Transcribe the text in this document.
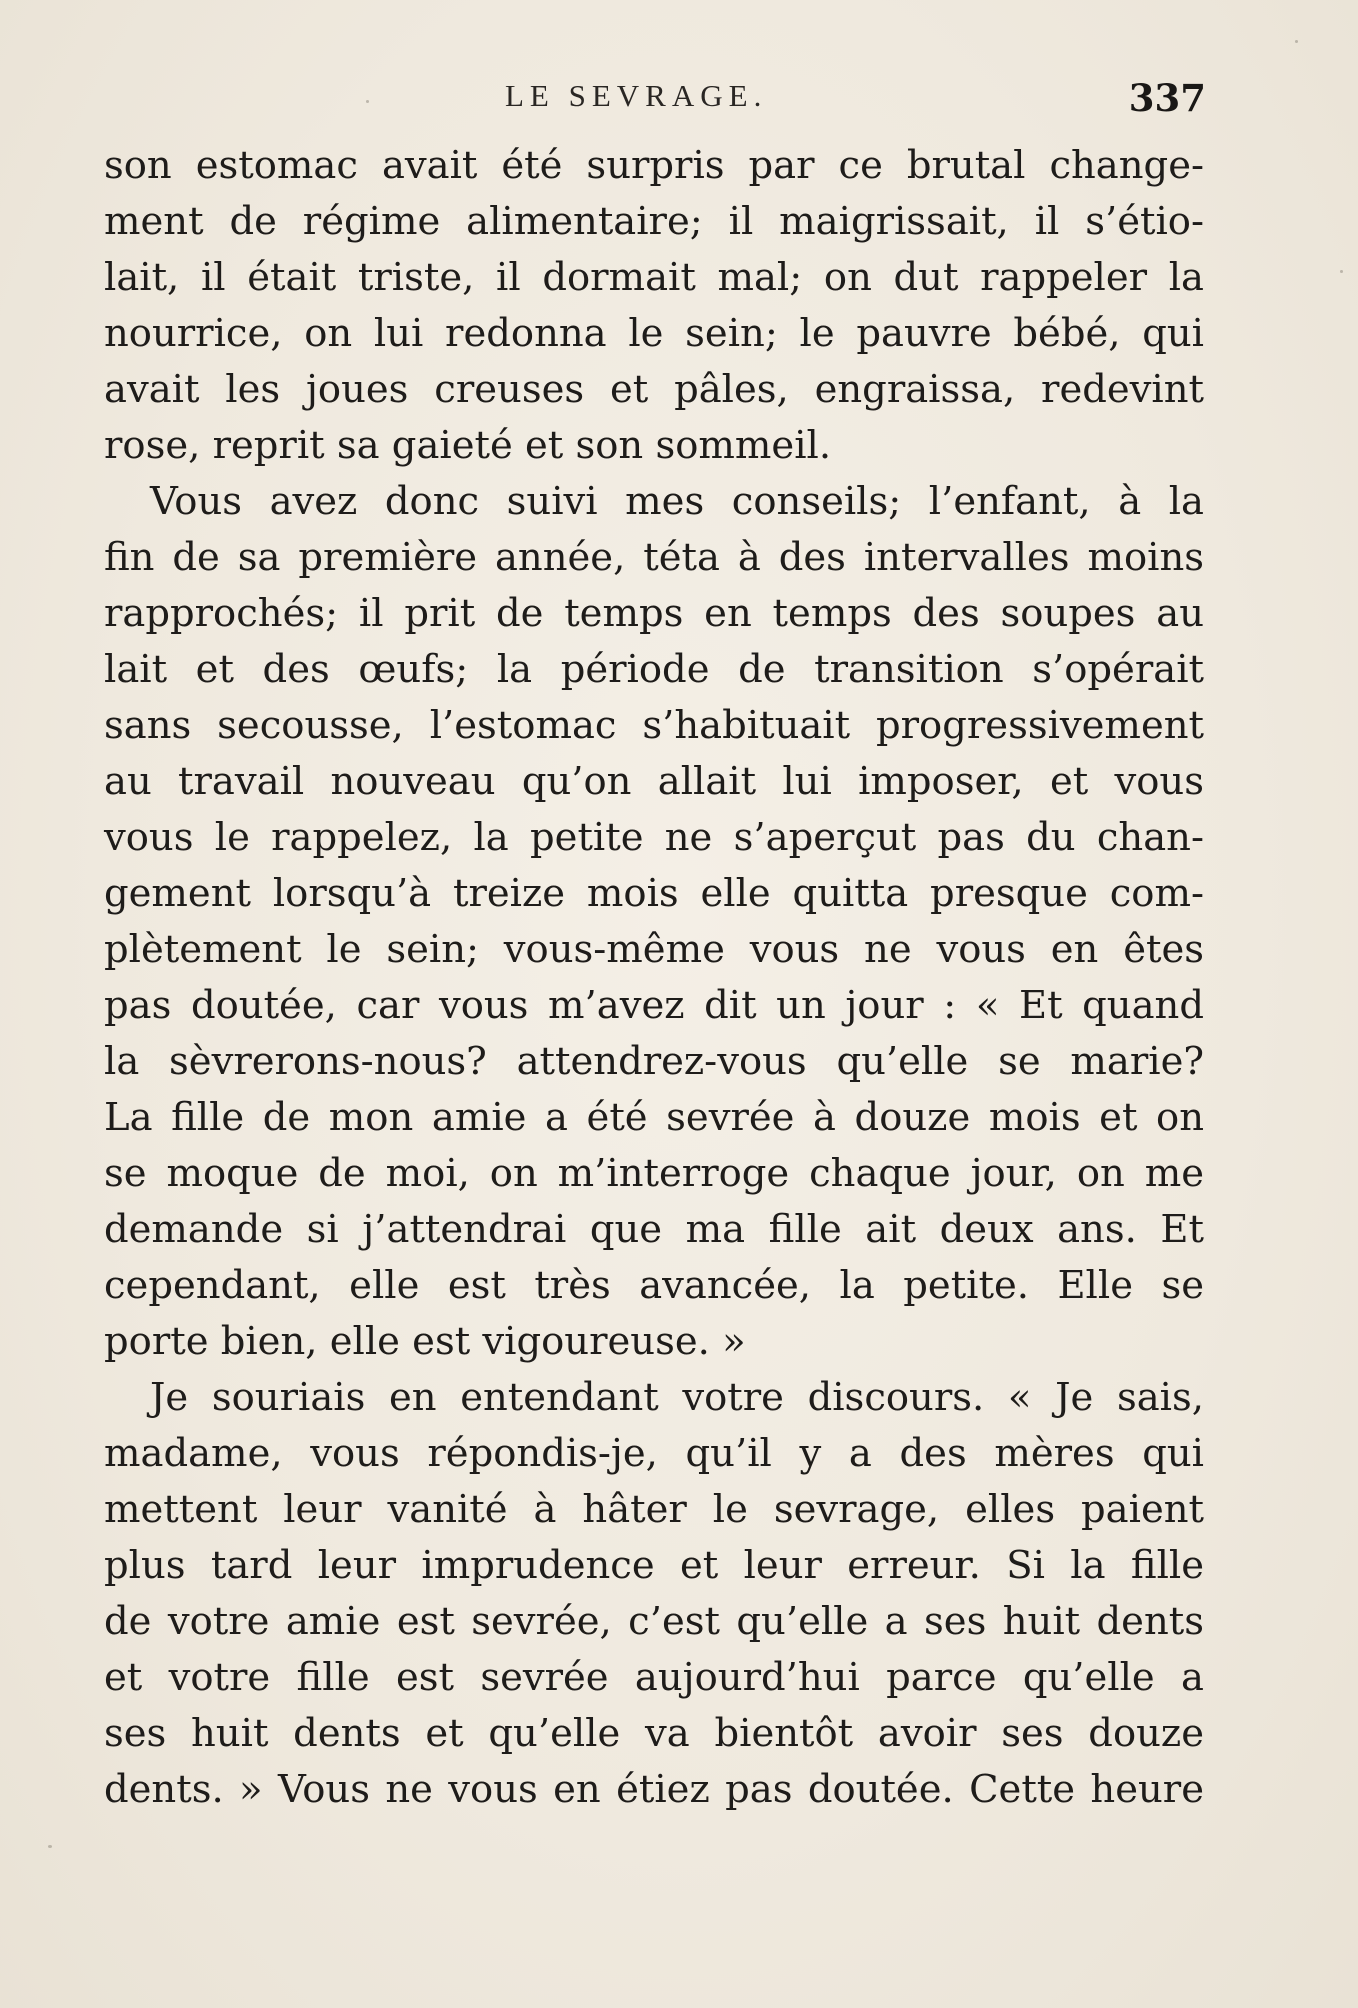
LE SEVRAGE.	337
son estomac avait été surpris par ce brutal change-
ment de régime alimentaire; il maigrissait, il s’étio-
lait, il était triste, il dormait mal; on dut rappeler la
nourrice, on lui redonna le sein; le pauvre bébé, qui
avait les joues creuses et pâles, engraissa, redevint
rose, reprit sa gaieté et son sommeil.
Vous avez donc suivi mes conseils; l’enfant, à la
fin de sa première année, téta à des intervalles moins
rapprochés; il prit de temps en temps des soupes au
lait et des œufs; la période de transition s’opérait
sans secousse, l’estomac s’habituait progressivement
au travail nouveau qu’on allait lui imposer, et vous
vous le rappelez, la petite ne s’aperçut pas du chan-
gement lorsqu’à treize mois elle quitta presque com-
plètement le sein; vous-même vous ne vous en êtes
pas doutée, car vous m’avez dit un jour : « Et quand
la sèvrerons-nous? attendrez-vous qu’elle se marie?
La fille de mon amie a été sevrée à douze mois et on
se moque de moi, on m’interroge chaque jour, on me
demande si j’attendrai que ma fille ait deux ans. Et
cependant, elle est très avancée, la petite. Elle se
porte bien, elle est vigoureuse. »
Je souriais en entendant votre discours. « Je sais,
madame, vous répondis-je, qu’il y a des mères qui
mettent leur vanité à hâter le sevrage, elles paient
plus tard leur imprudence et leur erreur. Si la fille
de votre amie est sevrée, c’est qu’elle a ses huit dents
et votre fille est sevrée aujourd’hui parce qu’elle a
ses huit dents et qu’elle va bientôt avoir ses douze
dents. » Vous ne vous en étiez pas doutée. Cette heure
